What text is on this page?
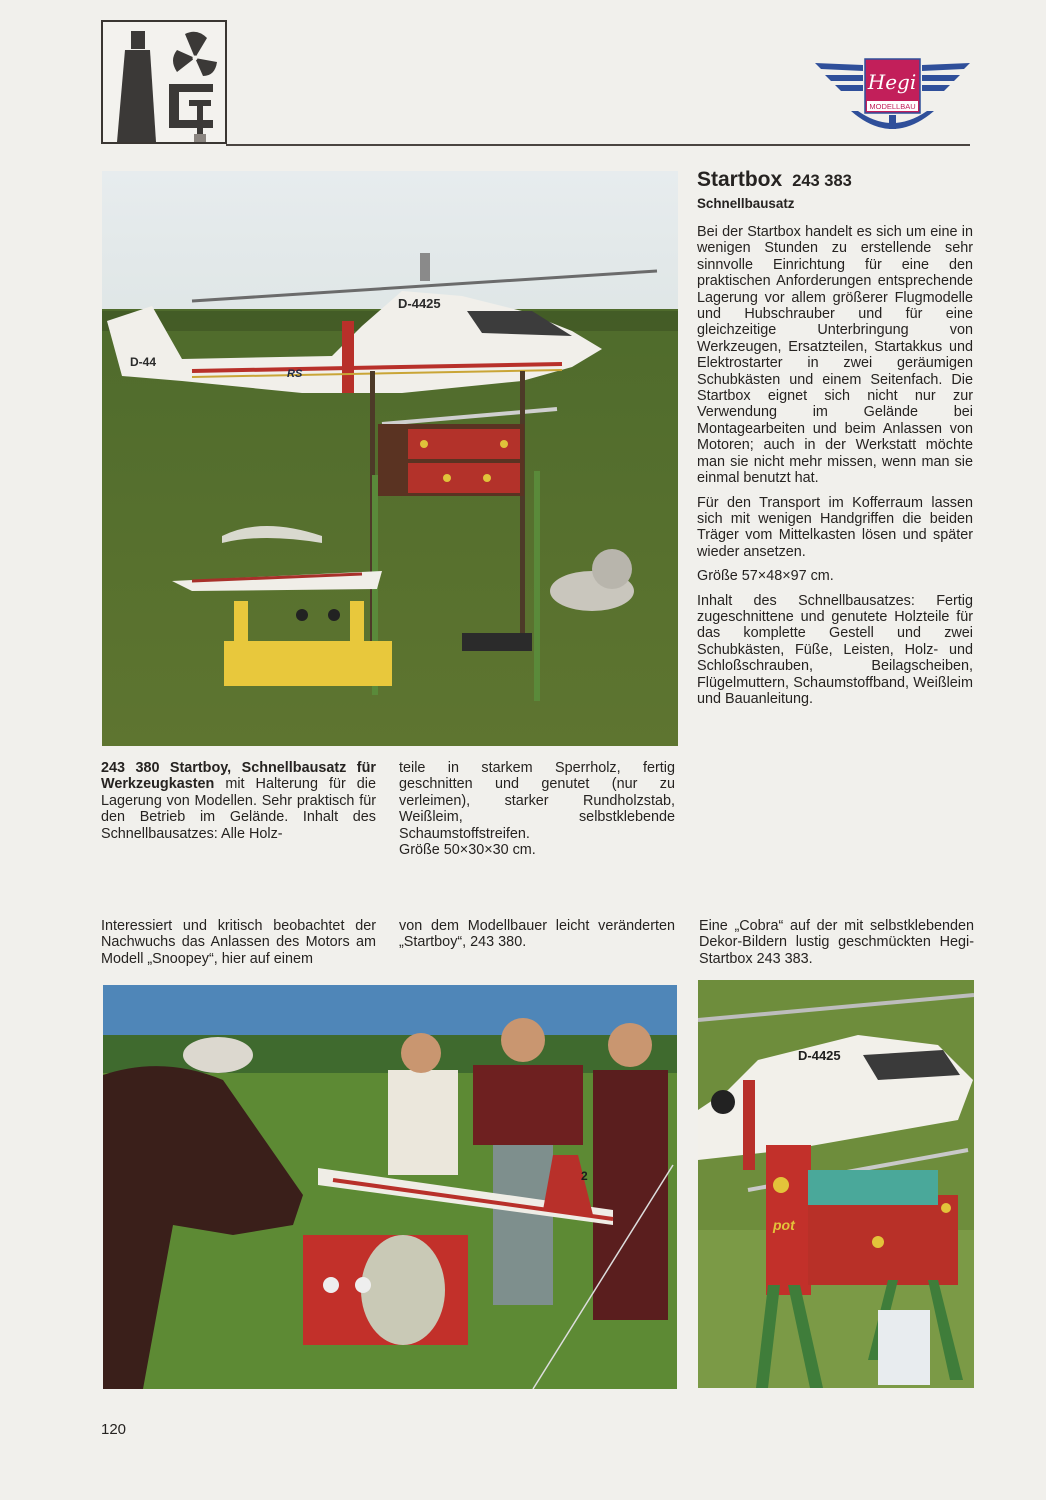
Hegi
MODELLBAU
D-4425
D-44
RS
Startbox 243 383
Schnellbausatz

Bei der Startbox handelt es sich um eine in wenigen Stunden zu erstellende sehr sinnvolle Einrichtung für eine den praktischen Anforderungen entsprechende Lagerung vor allem größerer Flugmodelle und Hubschrauber und für eine gleichzeitige Unterbringung von Werkzeugen, Ersatzteilen, Startakkus und Elektrostarter in zwei geräumigen Schubkästen und einem Seitenfach. Die Startbox eignet sich nicht nur zur Verwendung im Gelände bei Montagearbeiten und beim Anlassen von Motoren; auch in der Werkstatt möchte man sie nicht mehr missen, wenn man sie einmal benutzt hat.

Für den Transport im Kofferraum lassen sich mit wenigen Handgriffen die beiden Träger vom Mittelkasten lösen und später wieder ansetzen.

Größe 57×48×97 cm.

Inhalt des Schnellbausatzes: Fertig zugeschnittene und genutete Holzteile für das komplette Gestell und zwei Schubkästen, Füße, Leisten, Holz- und Schloßschrauben, Beilagscheiben, Flügelmuttern, Schaumstoffband, Weißleim und Bauanleitung.

243 380 Startboy, Schnellbausatz für Werkzeugkasten mit Halterung für die Lagerung von Modellen. Sehr praktisch für den Betrieb im Gelände. Inhalt des Schnellbausatzes: Alle Holz-
teile in starkem Sperrholz, fertig geschnitten und genutet (nur zu verleimen), starker Rundholzstab, Weißleim, selbstklebende Schaumstoffstreifen.
Größe 50×30×30 cm.
Interessiert und kritisch beobachtet der Nachwuchs das Anlassen des Motors am Modell „Snoopey“, hier auf einem
von dem Modellbauer leicht veränderten „Startboy“, 243 380.
Eine „Cobra“ auf der mit selbstklebenden Dekor-Bildern lustig geschmückten Hegi-Startbox 243 383.
2
D-4425
pot
120
